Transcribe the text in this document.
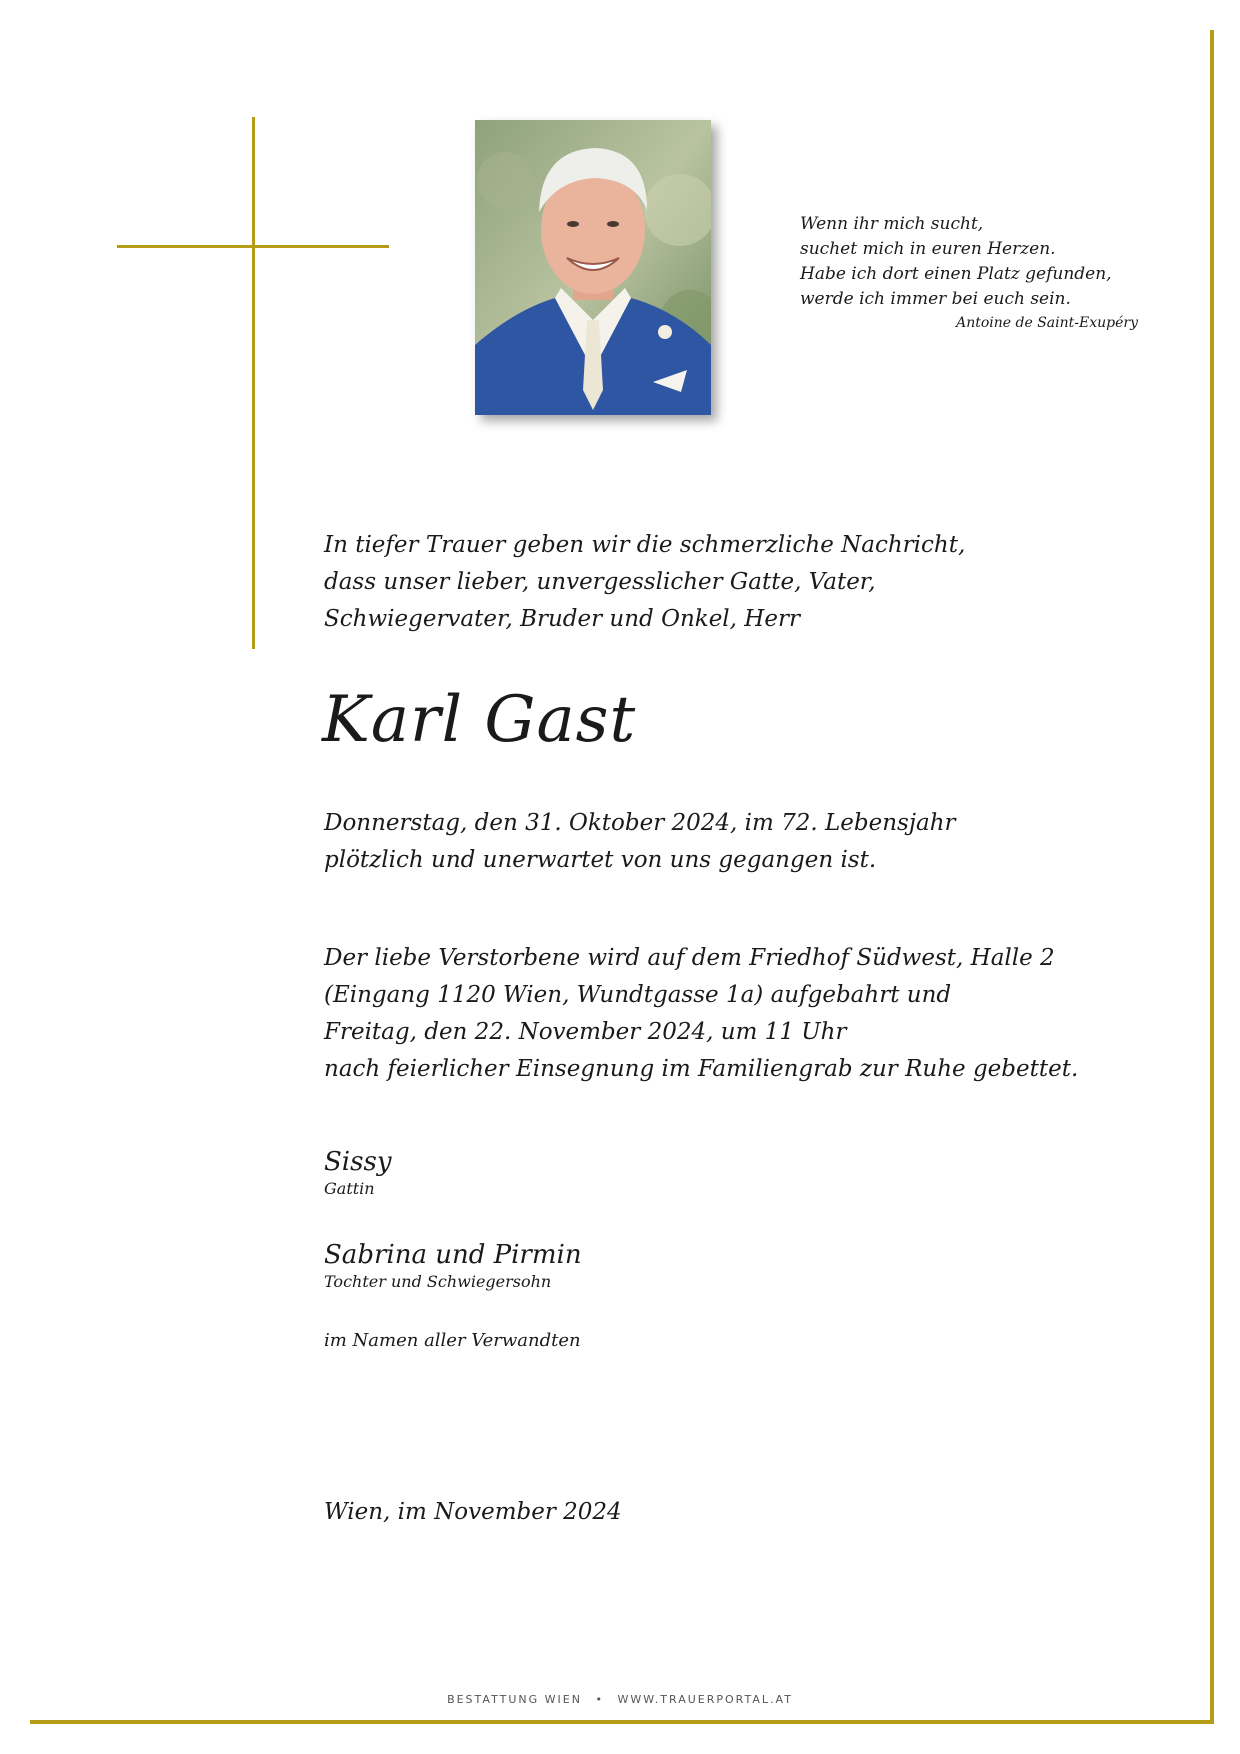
Wenn ihr mich sucht,
suchet mich in euren Herzen.
Habe ich dort einen Platz gefunden,
werde ich immer bei euch sein.
Antoine de Saint-Exupéry
In tiefer Trauer geben wir die schmerzliche Nachricht,
dass unser lieber, unvergesslicher Gatte, Vater,
Schwiegervater, Bruder und Onkel, Herr
Karl Gast
Donnerstag, den 31. Oktober 2024, im 72. Lebensjahr
plötzlich und unerwartet von uns gegangen ist.
Der liebe Verstorbene wird auf dem Friedhof Südwest, Halle 2
(Eingang 1120 Wien, Wundtgasse 1a) aufgebahrt und
Freitag, den 22. November 2024, um 11 Uhr
nach feierlicher Einsegnung im Familiengrab zur Ruhe gebettet.
Sissy
Gattin
Sabrina und Pirmin
Tochter und Schwiegersohn
im Namen aller Verwandten
Wien, im November 2024
BESTATTUNG WIEN • WWW.TRAUERPORTAL.AT
